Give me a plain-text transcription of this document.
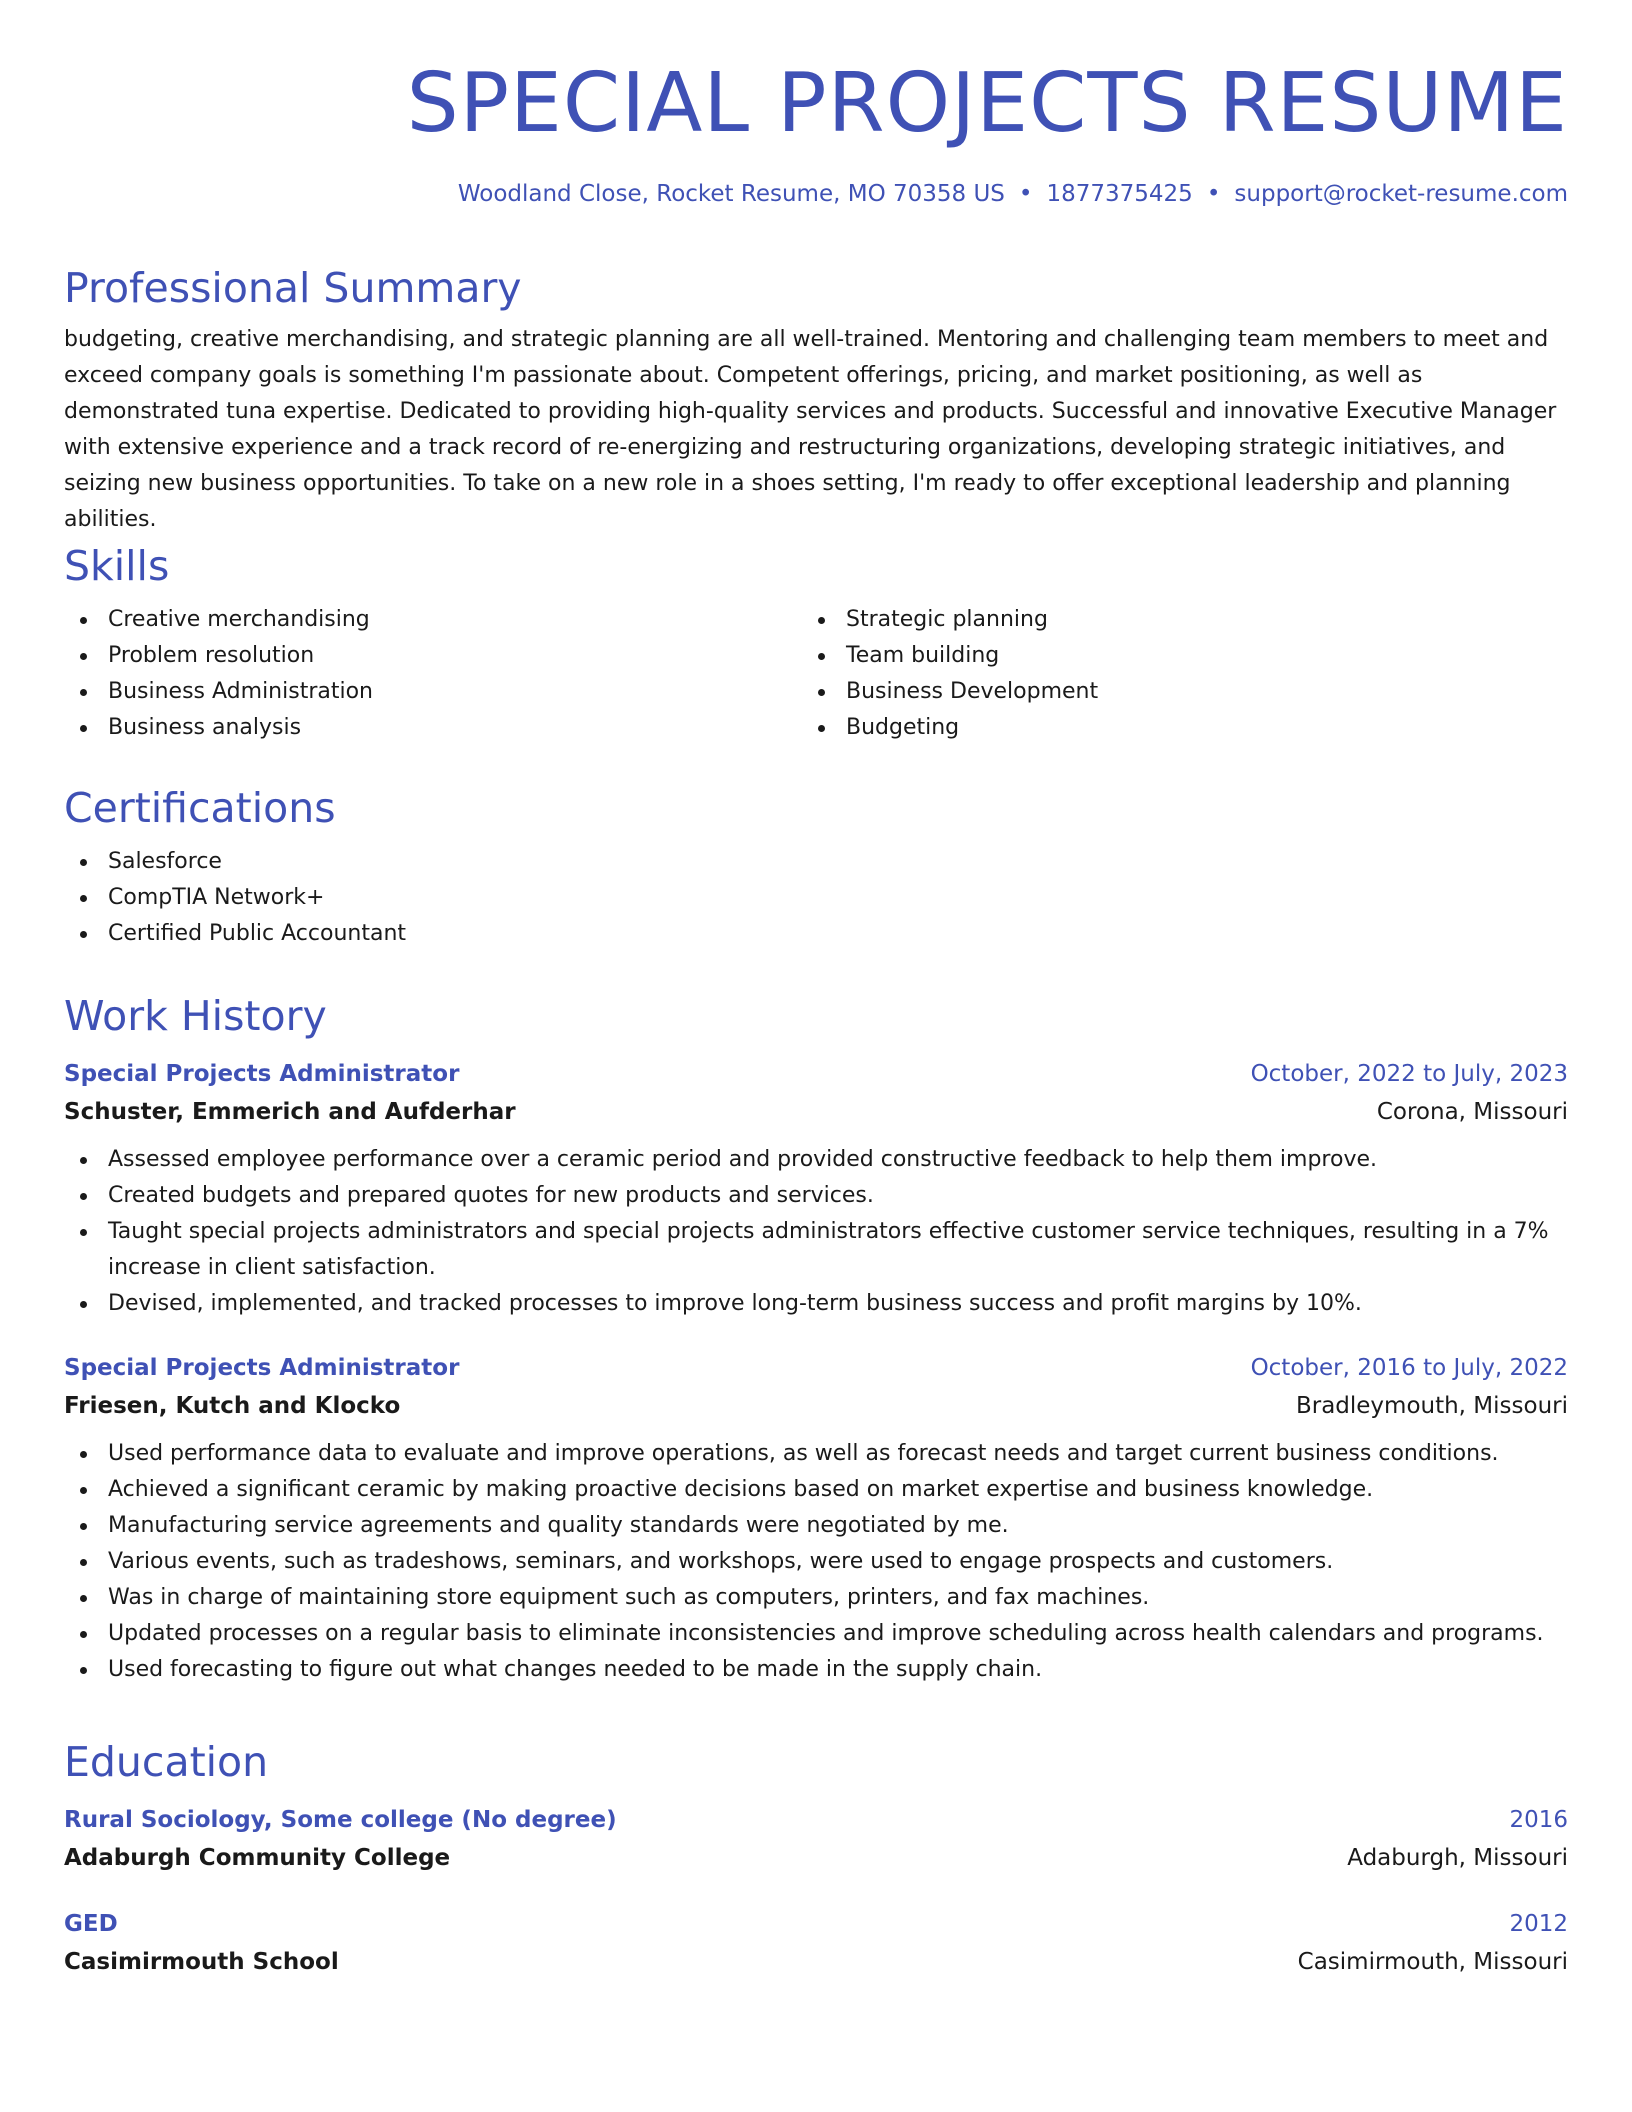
SPECIAL PROJECTS RESUME
Woodland Close, Rocket Resume, MO 70358 US • 1877375425 • support@rocket-resume.com
Professional Summary

budgeting, creative merchandising, and strategic planning are all well-trained. Mentoring and challenging team members to meet and exceed company goals is something I'm passionate about. Competent offerings, pricing, and market positioning, as well as demonstrated tuna expertise. Dedicated to providing high-quality services and products. Successful and innovative Executive Manager with extensive experience and a track record of re-energizing and restructuring organizations, developing strategic initiatives, and seizing new business opportunities. To take on a new role in a shoes setting, I'm ready to offer exceptional leadership and planning abilities.

Skills
Creative merchandising
Problem resolution
Business Administration
Business analysis
Strategic planning
Team building
Business Development
Budgeting
Certifications
Salesforce
CompTIA Network+
Certified Public Accountant
Work History
Special Projects Administrator	October, 2022 to July, 2023
Schuster, Emmerich and Aufderhar	Corona, Missouri
Assessed employee performance over a ceramic period and provided constructive feedback to help them improve.
Created budgets and prepared quotes for new products and services.
Taught special projects administrators and special projects administrators effective customer service techniques, resulting in a 7% increase in client satisfaction.
Devised, implemented, and tracked processes to improve long-term business success and profit margins by 10%.
Special Projects Administrator	October, 2016 to July, 2022
Friesen, Kutch and Klocko	Bradleymouth, Missouri
Used performance data to evaluate and improve operations, as well as forecast needs and target current business conditions.
Achieved a significant ceramic by making proactive decisions based on market expertise and business knowledge.
Manufacturing service agreements and quality standards were negotiated by me.
Various events, such as tradeshows, seminars, and workshops, were used to engage prospects and customers.
Was in charge of maintaining store equipment such as computers, printers, and fax machines.
Updated processes on a regular basis to eliminate inconsistencies and improve scheduling across health calendars and programs.
Used forecasting to figure out what changes needed to be made in the supply chain.
Education
Rural Sociology, Some college (No degree)	2016
Adaburgh Community College	Adaburgh, Missouri
GED	2012
Casimirmouth School	Casimirmouth, Missouri
